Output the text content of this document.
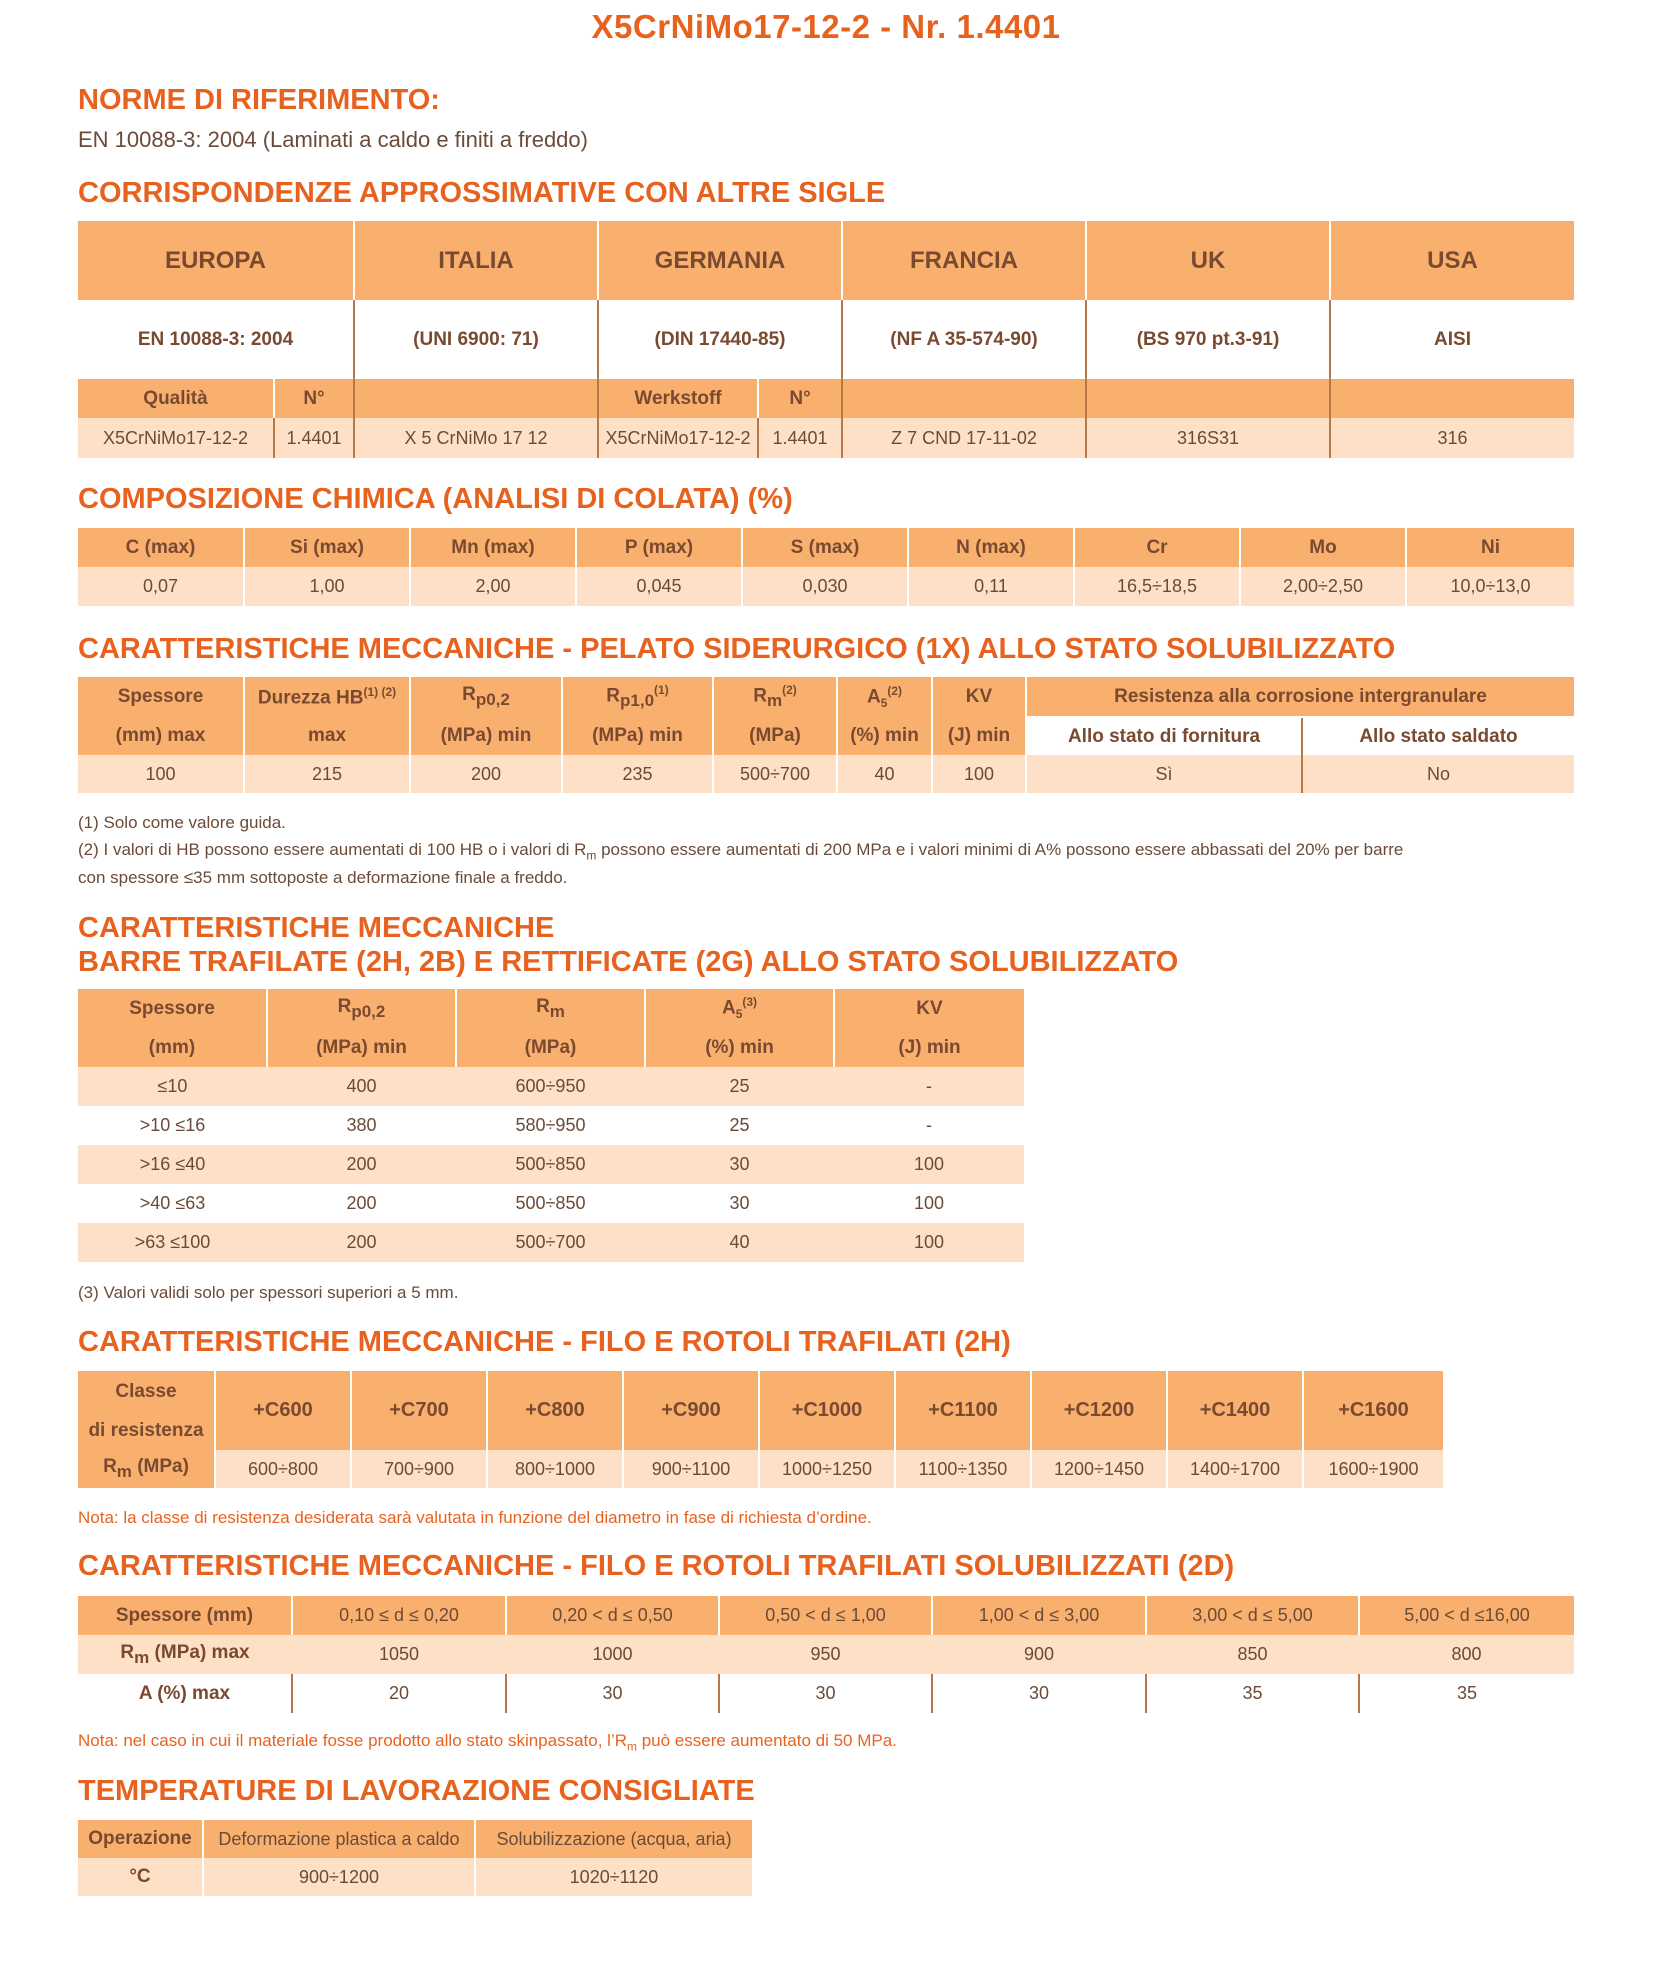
X5CrNiMo17-12-2 - Nr. 1.4401
NORME DI RIFERIMENTO:
EN 10088-3: 2004 (Laminati a caldo e finiti a freddo)
CORRISPONDENZE APPROSSIMATIVE CON ALTRE SIGLE
EUROPA		ITALIA	GERMANIA		FRANCIA	UK	USA
EN 10088-3: 2004		(UNI 6900: 71)	(DIN 17440-85)		(NF A 35-574-90)	(BS 970 pt.3-91)	AISI
Qualità	N°		Werkstoff	N°			
X5CrNiMo17-12-2	1.4401	X 5 CrNiMo 17 12	X5CrNiMo17-12-2	1.4401	Z 7 CND 17-11-02	316S31	316
COMPOSIZIONE CHIMICA (ANALISI DI COLATA) (%)
C (max)	Si (max)	Mn (max)	P (max)	S (max)	N (max)	Cr	Mo	Ni
0,07	1,00	2,00	0,045	0,030	0,11	16,5÷18,5	2,00÷2,50	10,0÷13,0
CARATTERISTICHE MECCANICHE - PELATO SIDERURGICO (1X) ALLO STATO SOLUBILIZZATO
Spessore	Durezza $HB^{(1) (2)}$	$R_{p0,2}$	$R_{p1,0}^{(1)}$	$R_m^{(2)}$	$A_5^{(2)}$	KV	Resistenza alla corrosione intergranulare	
(mm) max	max	(MPa) min	(MPa) min	(MPa)	(%) min	(J) min	Allo stato di fornitura	Allo stato saldato
100	215	200	235	500÷700	40	100	Sì	No
(1) Solo come valore guida.
(2) I valori di HB possono essere aumentati di 100 HB o i valori di $R_m$ possono essere aumentati di 200 MPa e i valori minimi di A% possono essere abbassati del 20% per barre
con spessore ≤35 mm sottoposte a deformazione finale a freddo.
CARATTERISTICHE MECCANICHE
BARRE TRAFILATE (2H, 2B) E RETTIFICATE (2G) ALLO STATO SOLUBILIZZATO
Spessore	$R_{p0,2}$	$R_m$	$A_5^{(3)}$	KV
(mm)	(MPa) min	(MPa)	(%) min	(J) min
≤10	400	600÷950	25	-
>10 ≤16	380	580÷950	25	-
>16 ≤40	200	500÷850	30	100
>40 ≤63	200	500÷850	30	100
>63 ≤100	200	500÷700	40	100
(3) Valori validi solo per spessori superiori a 5 mm.
CARATTERISTICHE MECCANICHE - FILO E ROTOLI TRAFILATI (2H)
Classe
di resistenza	+C600	+C700	+C800	+C900	+C1000	+C1100	+C1200	+C1400	+C1600
$R_m$ (MPa)	600÷800	700÷900	800÷1000	900÷1100	1000÷1250	1100÷1350	1200÷1450	1400÷1700	1600÷1900
Nota: la classe di resistenza desiderata sarà valutata in funzione del diametro in fase di richiesta d’ordine.
CARATTERISTICHE MECCANICHE - FILO E ROTOLI TRAFILATI SOLUBILIZZATI (2D)
Spessore (mm)	0,10 ≤ d ≤ 0,20	0,20 < d ≤ 0,50	0,50 < d ≤ 1,00	1,00 < d ≤ 3,00	3,00 < d ≤ 5,00	5,00 < d ≤16,00
$R_m$ (MPa) max	1050	1000	950	900	850	800
A (%) max	20	30	30	30	35	35
Nota: nel caso in cui il materiale fosse prodotto allo stato skinpassato, $l’R_m$ può essere aumentato di 50 MPa.
TEMPERATURE DI LAVORAZIONE CONSIGLIATE
Operazione	Deformazione plastica a caldo	Solubilizzazione (acqua, aria)
°C	900÷1200	1020÷1120
